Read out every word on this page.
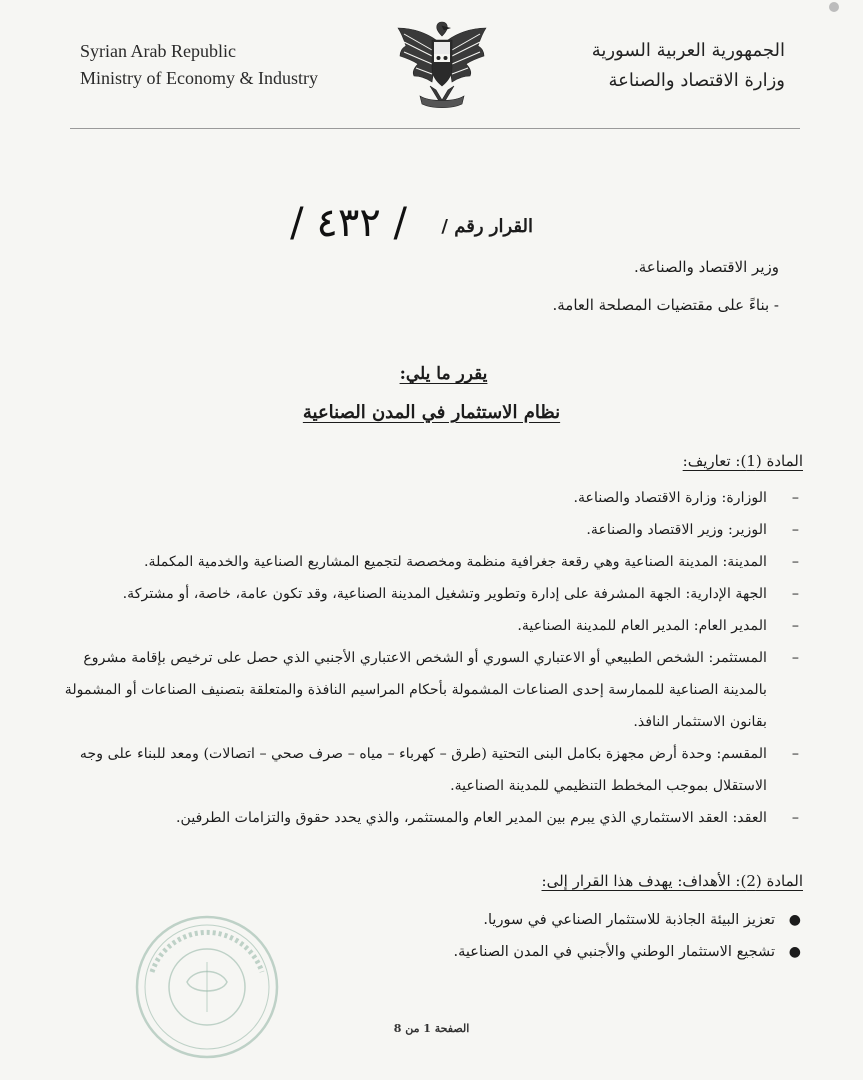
Syrian Arab Republic
Ministry of Economy & Industry
الجمهورية العربية السورية
وزارة الاقتصاد والصناعة
القرار رقم /
/ ٤٣٢ /
وزير الاقتصاد والصناعة.
- بناءً على مقتضيات المصلحة العامة.
يقرر ما يلي:
نظام الاستثمار في المدن الصناعية
المادة (1): تعاريف:
–
الوزارة: وزارة الاقتصاد والصناعة.
–
الوزير: وزير الاقتصاد والصناعة.
–
المدينة: المدينة الصناعية وهي رقعة جغرافية منظمة ومخصصة لتجميع المشاريع الصناعية والخدمية المكملة.
–
الجهة الإدارية: الجهة المشرفة على إدارة وتطوير وتشغيل المدينة الصناعية، وقد تكون عامة، خاصة، أو مشتركة.
–
المدير العام: المدير العام للمدينة الصناعية.
–
المستثمر: الشخص الطبيعي أو الاعتباري السوري أو الشخص الاعتباري الأجنبي الذي حصل على ترخيص بإقامة مشروع بالمدينة الصناعية للممارسة إحدى الصناعات المشمولة بأحكام المراسيم النافذة والمتعلقة بتصنيف الصناعات أو المشمولة بقانون الاستثمار النافذ.
–
المقسم: وحدة أرض مجهزة بكامل البنى التحتية (طرق – كهرباء – مياه – صرف صحي – اتصالات) ومعد للبناء على وجه الاستقلال بموجب المخطط التنظيمي للمدينة الصناعية.
–
العقد: العقد الاستثماري الذي يبرم بين المدير العام والمستثمر، والذي يحدد حقوق والتزامات الطرفين.
المادة (2): الأهداف: يهدف هذا القرار إلى:
●
تعزيز البيئة الجاذبة للاستثمار الصناعي في سوريا.
●
تشجيع الاستثمار الوطني والأجنبي في المدن الصناعية.
الصفحة 1 من 8
